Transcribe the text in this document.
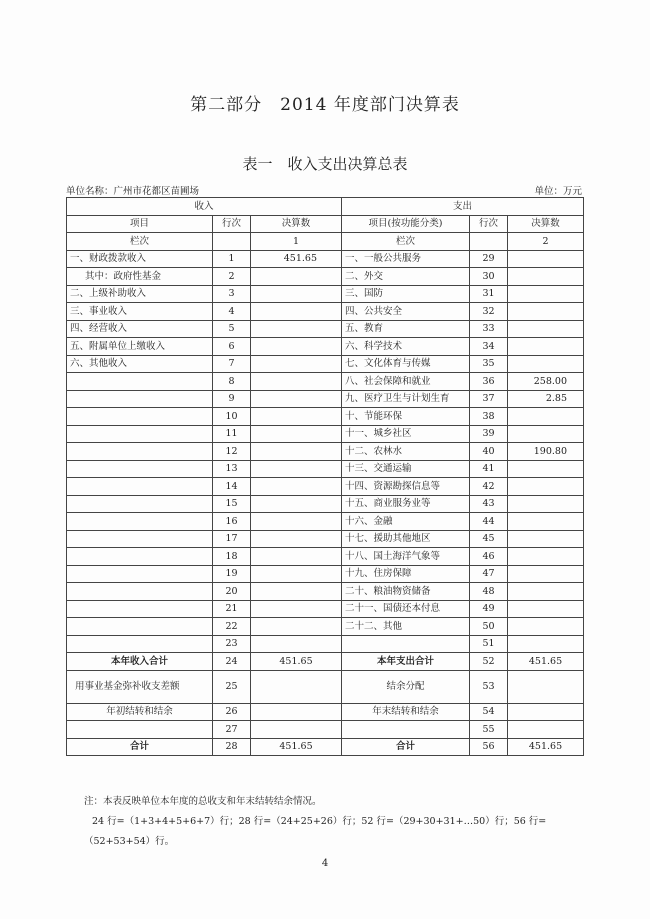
第二部分　2014 年度部门决算表
表一　收入支出决算总表
单位名称：广州市花都区苗圃场	单位：万元
收入			支出		
项目	行次	决算数	项目(按功能分类)	行次	决算数
栏次		1	栏次		2
一、财政拨款收入	1	451.65	一、一般公共服务	29	
其中：政府性基金	2		二、外交	30	
二、上级补助收入	3		三、国防	31	
三、事业收入	4		四、公共安全	32	
四、经营收入	5		五、教育	33	
五、附属单位上缴收入	6		六、科学技术	34	
六、其他收入	7		七、文化体育与传媒	35	
	8		八、社会保障和就业	36	258.00
	9		九、医疗卫生与计划生育	37	2.85
	10		十、节能环保	38	
	11		十一、城乡社区	39	
	12		十二、农林水	40	190.80
	13		十三、交通运输	41	
	14		十四、资源勘探信息等	42	
	15		十五、商业服务业等	43	
	16		十六、金融	44	
	17		十七、援助其他地区	45	
	18		十八、国土海洋气象等	46	
	19		十九、住房保障	47	
	20		二十、粮油物资储备	48	
	21		二十一、国债还本付息	49	
	22		二十二、其他	50	
	23			51	
本年收入合计	24	451.65	本年支出合计	52	451.65
用事业基金弥补收支差额	25		结余分配	53	
年初结转和结余	26		年末结转和结余	54	
	27			55	
合计	28	451.65	合计	56	451.65
注：本表反映单位本年度的总收支和年末结转结余情况。
24 行=（1+3+4+5+6+7）行；28 行=（24+25+26）行；52 行=（29+30+31+…50）行；56 行=
（52+53+54）行。
4
